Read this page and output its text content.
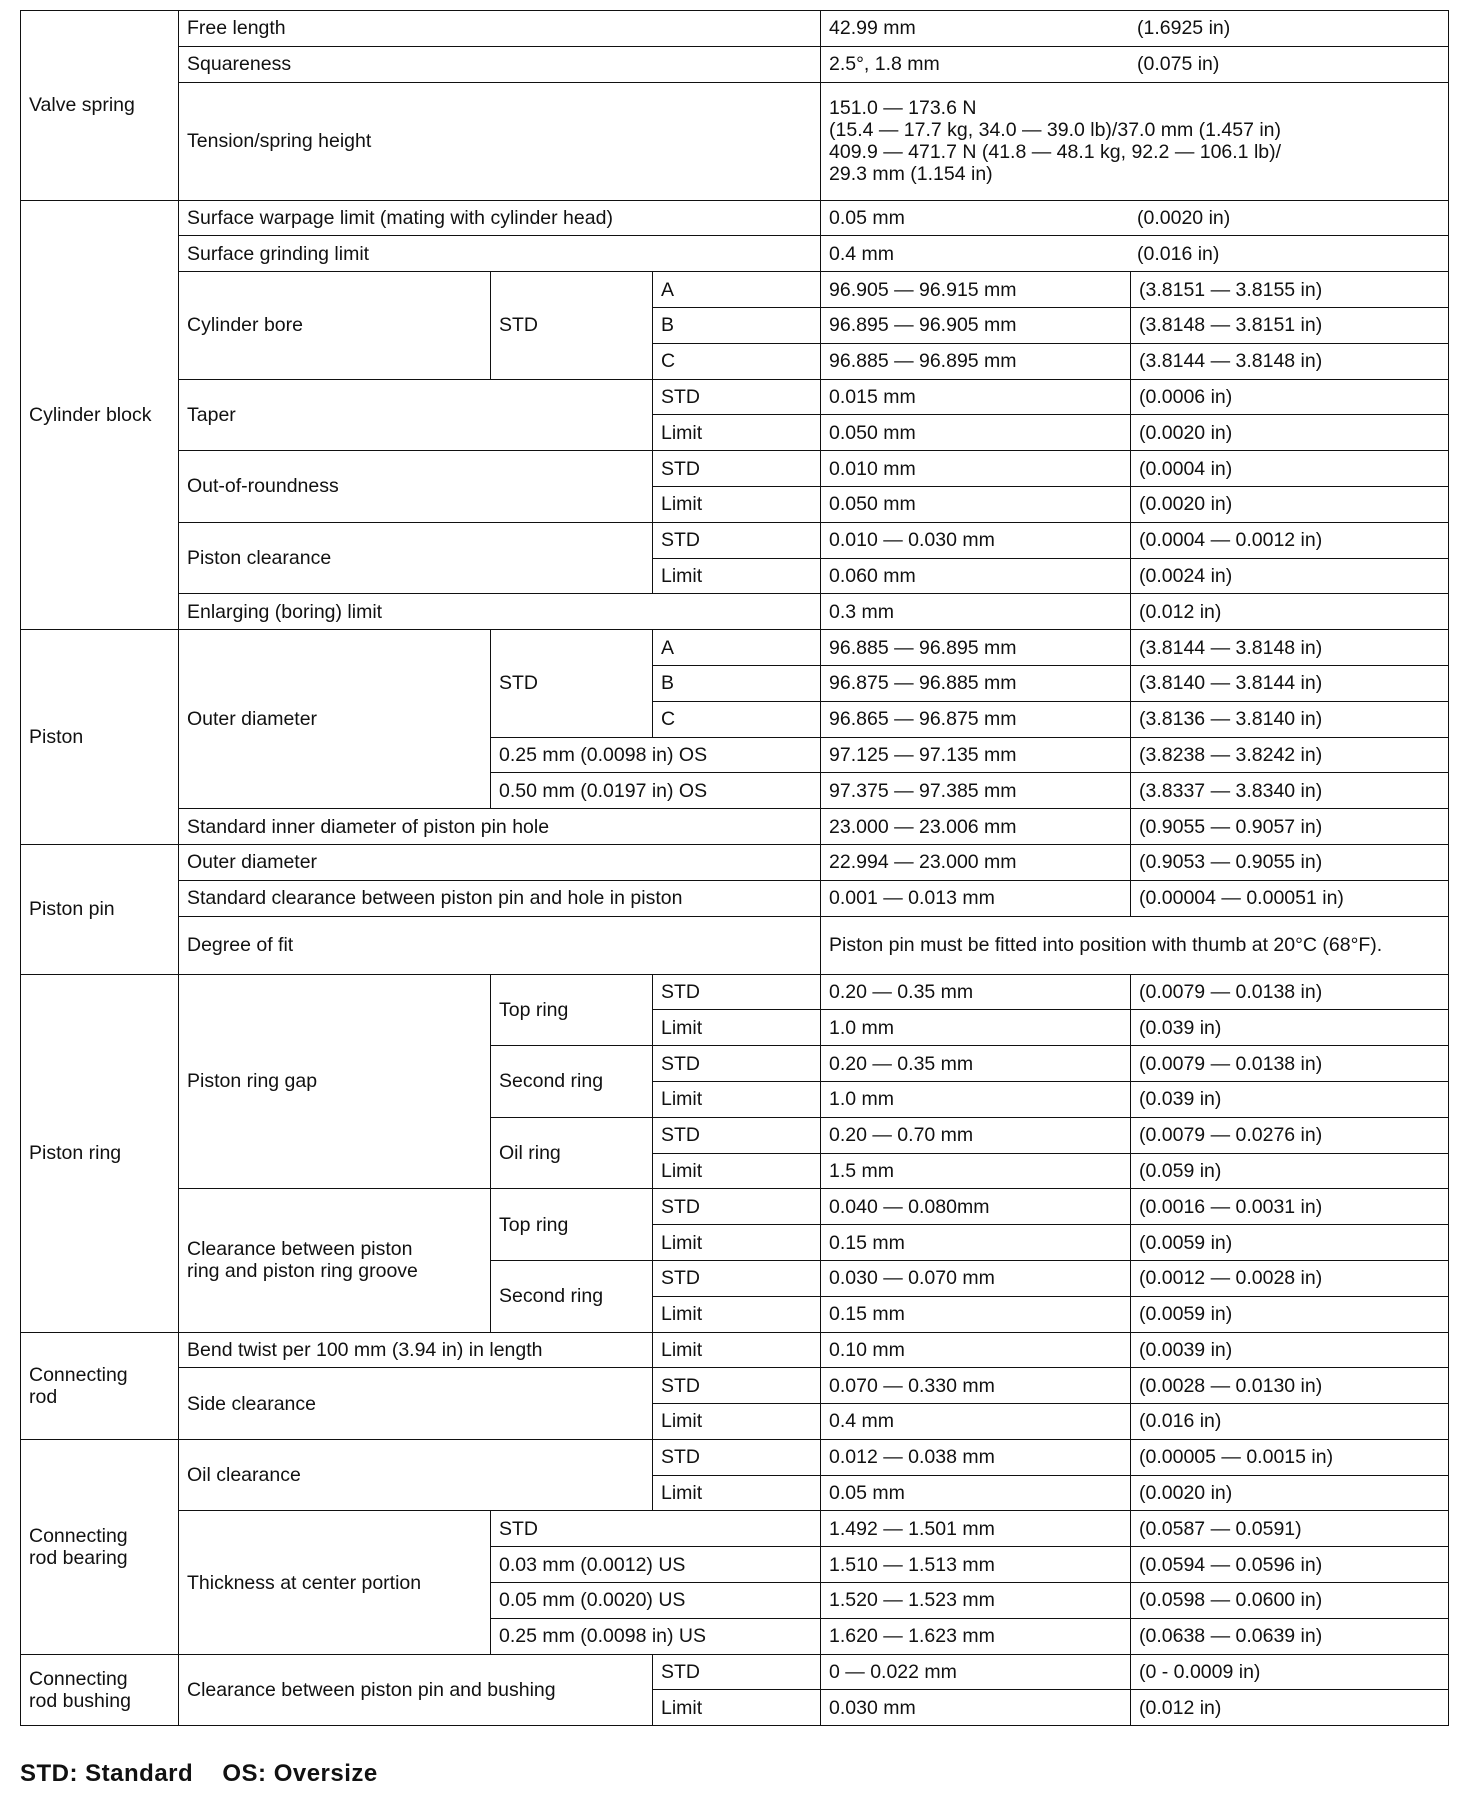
Valve spring	Free length			42.99 mm (1.6925 in)	

	Squareness			2.5°, 1.8 mm (0.075 in)	

	Tension/spring height			151.0 — 173.6 N
(15.4 — 17.7 kg, 34.0 — 39.0 lb)/37.0 mm (1.457 in)
409.9 — 471.7 N (41.8 — 48.1 kg, 92.2 — 106.1 lb)/
29.3 mm (1.154 in)	

Cylinder block	Surface warpage limit (mating with cylinder head)			0.05 mm (0.0020 in)	

	Surface grinding limit			0.4 mm (0.016 in)	

	Cylinder bore	STD	A	96.905 — 96.915 mm	(3.8151 — 3.8155 in)
			B	96.895 — 96.905 mm	(3.8148 — 3.8151 in)
			C	96.885 — 96.895 mm	(3.8144 — 3.8148 in)
	Taper		STD	0.015 mm	(0.0006 in)
			Limit	0.050 mm	(0.0020 in)
	Out-of-roundness		STD	0.010 mm	(0.0004 in)
			Limit	0.050 mm	(0.0020 in)
	Piston clearance		STD	0.010 — 0.030 mm	(0.0004 — 0.0012 in)
			Limit	0.060 mm	(0.0024 in)
	Enlarging (boring) limit			0.3 mm	(0.012 in)
Piston	Outer diameter	STD	A	96.885 — 96.895 mm	(3.8144 — 3.8148 in)
			B	96.875 — 96.885 mm	(3.8140 — 3.8144 in)
			C	96.865 — 96.875 mm	(3.8136 — 3.8140 in)
		0.25 mm (0.0098 in) OS		97.125 — 97.135 mm	(3.8238 — 3.8242 in)
		0.50 mm (0.0197 in) OS		97.375 — 97.385 mm	(3.8337 — 3.8340 in)
	Standard inner diameter of piston pin hole			23.000 — 23.006 mm	(0.9055 — 0.9057 in)
Piston pin	Outer diameter			22.994 — 23.000 mm	(0.9053 — 0.9055 in)
	Standard clearance between piston pin and hole in piston			0.001 — 0.013 mm	(0.00004 — 0.00051 in)
	Degree of fit			Piston pin must be fitted into position with thumb at 20°C (68°F).	
Piston ring	Piston ring gap	Top ring	STD	0.20 — 0.35 mm	(0.0079 — 0.0138 in)
			Limit	1.0 mm	(0.039 in)
		Second ring	STD	0.20 — 0.35 mm	(0.0079 — 0.0138 in)
			Limit	1.0 mm	(0.039 in)
		Oil ring	STD	0.20 — 0.70 mm	(0.0079 — 0.0276 in)
			Limit	1.5 mm	(0.059 in)

	Clearance between piston
ring and piston ring groove	Top ring	STD	0.040 — 0.080mm	(0.0016 — 0.0031 in)
			Limit	0.15 mm	(0.0059 in)
		Second ring	STD	0.030 — 0.070 mm	(0.0012 — 0.0028 in)
			Limit	0.15 mm	(0.0059 in)

Connecting
rod	Bend twist per 100 mm (3.94 in) in length		Limit	0.10 mm	(0.0039 in)
	Side clearance		STD	0.070 — 0.330 mm	(0.0028 — 0.0130 in)
			Limit	0.4 mm	(0.016 in)

Connecting
rod bearing	Oil clearance		STD	0.012 — 0.038 mm	(0.00005 — 0.0015 in)
			Limit	0.05 mm	(0.0020 in)
	Thickness at center portion	STD		1.492 — 1.501 mm	(0.0587 — 0.0591)
		0.03 mm (0.0012) US		1.510 — 1.513 mm	(0.0594 — 0.0596 in)
		0.05 mm (0.0020) US		1.520 — 1.523 mm	(0.0598 — 0.0600 in)
		0.25 mm (0.0098 in) US		1.620 — 1.623 mm	(0.0638 — 0.0639 in)

Connecting
rod bushing	Clearance between piston pin and bushing		STD	0 — 0.022 mm	(0 - 0.0009 in)
			Limit	0.030 mm	(0.012 in)
STD: Standard OS: Oversize
